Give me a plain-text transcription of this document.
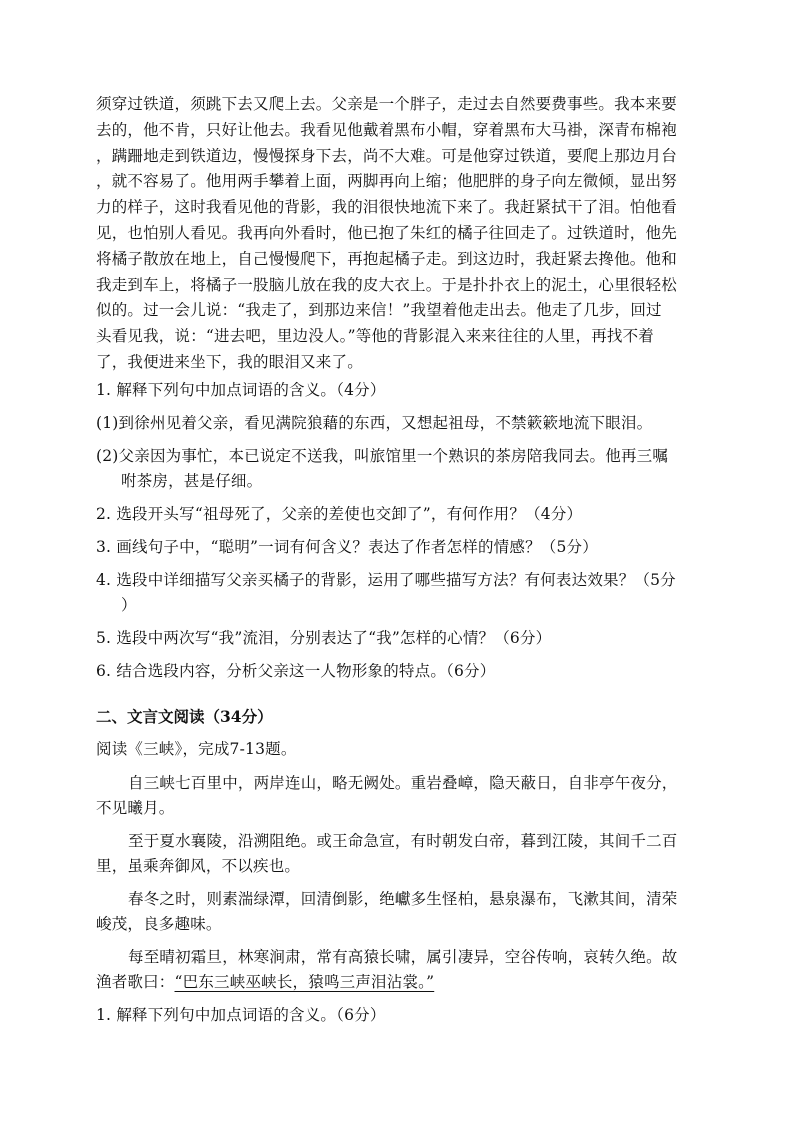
须穿过铁道，须跳下去又爬上去。父亲是一个胖子，走过去自然要费事些。我本来要
去的，他不肯，只好让他去。我看见他戴着黑布小帽，穿着黑布大马褂，深青布棉袍
，蹒跚地走到铁道边，慢慢探身下去，尚不大难。可是他穿过铁道，要爬上那边月台
，就不容易了。他用两手攀着上面，两脚再向上缩；他肥胖的身子向左微倾，显出努
力的样子，这时我看见他的背影，我的泪很快地流下来了。我赶紧拭干了泪。怕他看
见，也怕别人看见。我再向外看时，他已抱了朱红的橘子往回走了。过铁道时，他先
将橘子散放在地上，自己慢慢爬下，再抱起橘子走。到这边时，我赶紧去搀他。他和
我走到车上，将橘子一股脑儿放在我的皮大衣上。于是扑扑衣上的泥土，心里很轻松
似的。过一会儿说：“我走了，到那边来信！”我望着他走出去。他走了几步，回过
头看见我，说：“进去吧，里边没人。”等他的背影混入来来往往的人里，再找不着
了，我便进来坐下，我的眼泪又来了。
1. 解释下列句中加点词语的含义。（4分）
(1)到徐州见着父亲，看见满院狼藉的东西，又想起祖母，不禁簌簌地流下眼泪。
(2)父亲因为事忙，本已说定不送我，叫旅馆里一个熟识的茶房陪我同去。他再三嘱
咐茶房，甚是仔细。
2. 选段开头写“祖母死了，父亲的差使也交卸了”，有何作用？（4分）
3. 画线句子中，“聪明”一词有何含义？表达了作者怎样的情感？（5分）
4. 选段中详细描写父亲买橘子的背影，运用了哪些描写方法？有何表达效果？（5分
）
5. 选段中两次写“我”流泪，分别表达了“我”怎样的心情？（6分）
6. 结合选段内容，分析父亲这一人物形象的特点。（6分）
二、文言文阅读（34分）
阅读《三峡》，完成7-13题。
自三峡七百里中，两岸连山，略无阙处。重岩叠嶂，隐天蔽日，自非亭午夜分，
不见曦月。
至于夏水襄陵，沿溯阻绝。或王命急宣，有时朝发白帝，暮到江陵，其间千二百
里，虽乘奔御风，不以疾也。
春冬之时，则素湍绿潭，回清倒影，绝巘多生怪柏，悬泉瀑布，飞漱其间，清荣
峻茂，良多趣味。
每至晴初霜旦，林寒涧肃，常有高猿长啸，属引凄异，空谷传响，哀转久绝。故
渔者歌曰：“巴东三峡巫峡长，猿鸣三声泪沾裳。”
1. 解释下列句中加点词语的含义。（6分）
